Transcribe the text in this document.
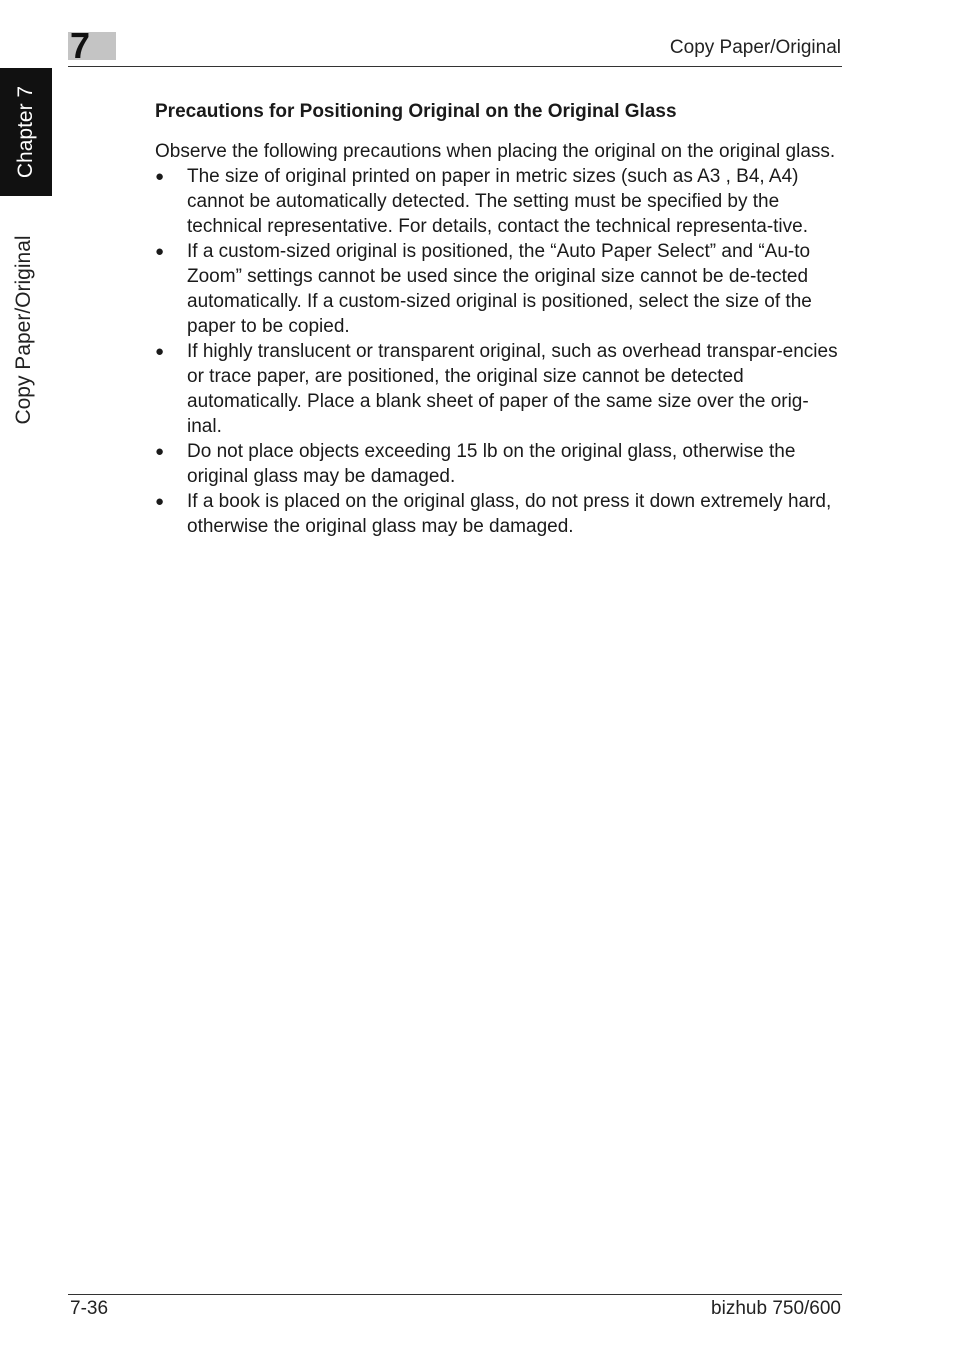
7	Copy Paper/Original
Chapter 7
Copy Paper/Original
Precautions for Positioning Original on the Original Glass

Observe the following precautions when placing the original on the original glass.

● The size of original printed on paper in metric sizes (such as A3 , B4, A4) cannot be automatically detected. The setting must be specified by the technical representative. For details, contact the technical representa-tive.
● If a custom-sized original is positioned, the “Auto Paper Select” and “Au-to Zoom” settings cannot be used since the original size cannot be de-tected automatically. If a custom-sized original is positioned, select the size of the paper to be copied.
● If highly translucent or transparent original, such as overhead transpar-encies or trace paper, are positioned, the original size cannot be detected automatically. Place a blank sheet of paper of the same size over the orig-inal.
● Do not place objects exceeding 15 lb on the original glass, otherwise the original glass may be damaged.
● If a book is placed on the original glass, do not press it down extremely hard, otherwise the original glass may be damaged.
7-36	bizhub 750/600
